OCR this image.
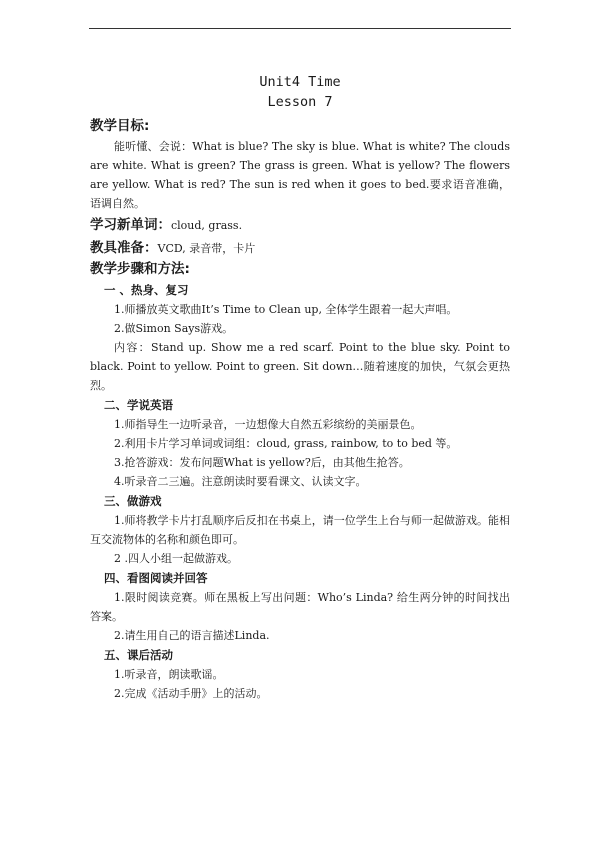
Unit4 Time
Lesson 7
教学目标:

能听懂、会说：What is blue? The sky is blue. What is white? The clouds are white. What is green? The grass is green. What is yellow? The flowers are yellow. What is red? The sun is red when it goes to bed.要求语音准确，语调自然。

学习新单词：cloud, grass.
教具准备：VCD, 录音带，卡片
教学步骤和方法:
一 、热身、复习

1.师播放英文歌曲It’s Time to Clean up, 全体学生跟着一起大声唱。

2.做Simon Says游戏。

内容：Stand up. Show me a red scarf. Point to the blue sky. Point to black. Point to yellow. Point to green. Sit down…随着速度的加快，气氛会更热烈。

二、学说英语

1.师指导生一边听录音，一边想像大自然五彩缤纷的美丽景色。

2.利用卡片学习单词或词组：cloud, grass, rainbow, to to bed 等。

3.抢答游戏：发布问题What is yellow?后，由其他生抢答。

4.听录音二三遍。注意朗读时要看课文、认读文字。

三、做游戏

1.师将教学卡片打乱顺序后反扣在书桌上，请一位学生上台与师一起做游戏。能相互交流物体的名称和颜色即可。

2 .四人小组一起做游戏。

四、看图阅读并回答

1.限时阅读竞赛。师在黑板上写出问题：Who’s Linda? 给生两分钟的时间找出答案。

2.请生用自己的语言描述Linda.

五、课后活动

1.听录音，朗读歌谣。

2.完成《活动手册》上的活动。
